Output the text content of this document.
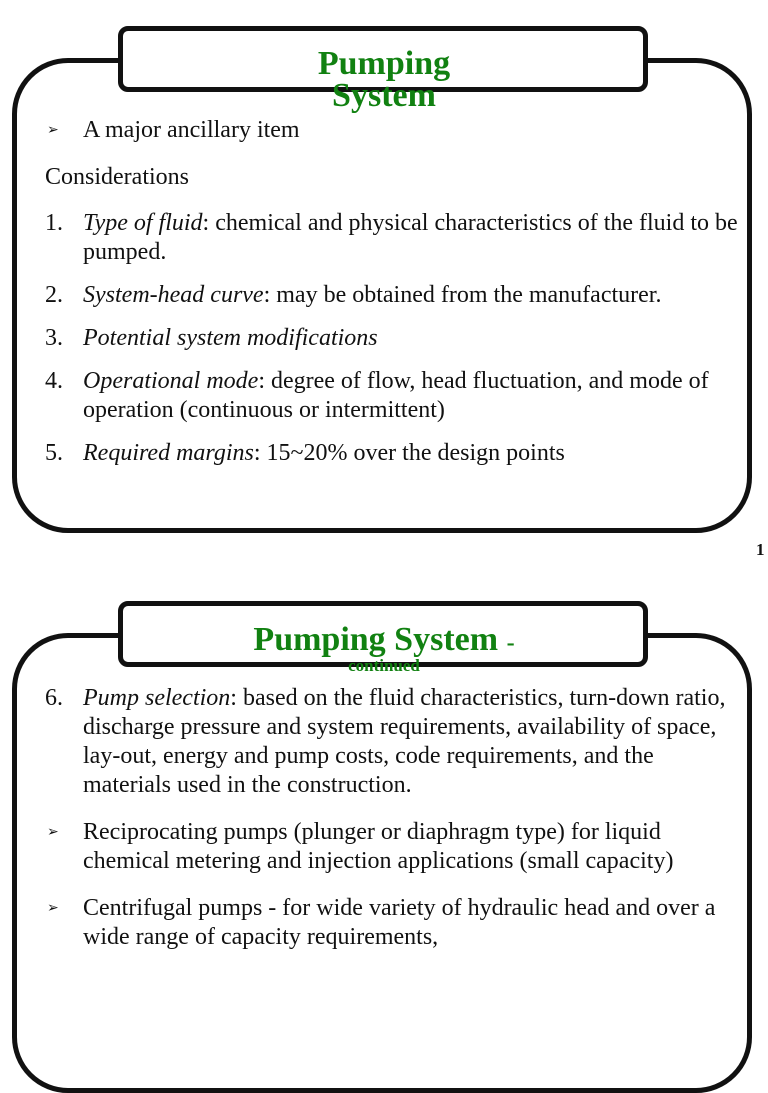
Pumping
System
➢ A major ancillary item
Considerations
1. Type of fluid: chemical and physical characteristics of the fluid to be pumped.
2. System-head curve: may be obtained from the manufacturer.
3. Potential system modifications
4. Operational mode: degree of flow, head fluctuation, and mode of operation (continuous or intermittent)
5. Required margins: 15~20% over the design points
1
Pumping System -
continued
6. Pump selection: based on the fluid characteristics, turn-down ratio, discharge pressure and system requirements, availability of space, lay-out, energy and pump costs, code requirements, and the materials used in the construction.
➢ Reciprocating pumps (plunger or diaphragm type) for liquid chemical metering and injection applications (small capacity)
➢ Centrifugal pumps - for wide variety of hydraulic head and over a wide range of capacity requirements,
